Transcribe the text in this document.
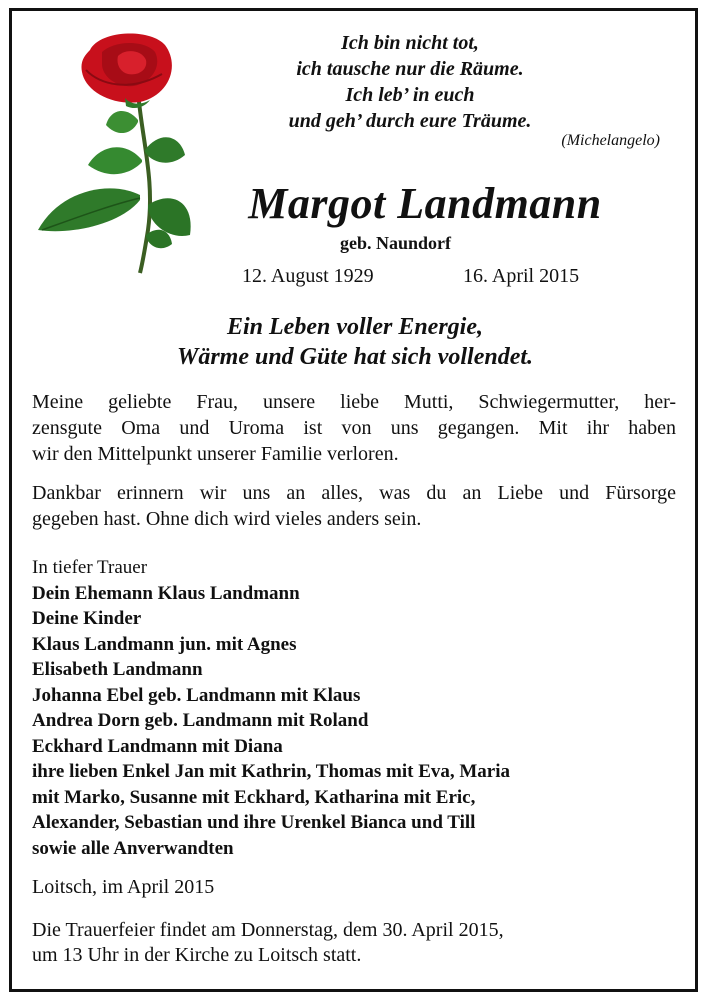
Ich bin nicht tot,
ich tausche nur die Räume.
Ich leb’ in euch
und geh’ durch eure Träume.
(Michelangelo)
Margot Landmann
geb. Naundorf
12. August 1929	16. April 2015
Ein Leben voller Energie,
Wärme und Güte hat sich vollendet.
Meine geliebte Frau, unsere liebe Mutti, Schwiegermutter, her-
zensgute Oma und Uroma ist von uns gegangen. Mit ihr haben
wir den Mittelpunkt unserer Familie verloren.
Dankbar erinnern wir uns an alles, was du an Liebe und Fürsorge
gegeben hast. Ohne dich wird vieles anders sein.
In tiefer Trauer
Dein Ehemann Klaus Landmann
Deine Kinder
Klaus Landmann jun. mit Agnes
Elisabeth Landmann
Johanna Ebel geb. Landmann mit Klaus
Andrea Dorn geb. Landmann mit Roland
Eckhard Landmann mit Diana
ihre lieben Enkel Jan mit Kathrin, Thomas mit Eva, Maria
mit Marko, Susanne mit Eckhard, Katharina mit Eric,
Alexander, Sebastian und ihre Urenkel Bianca und Till
sowie alle Anverwandten
Loitsch, im April 2015
Die Trauerfeier findet am Donnerstag, dem 30. April 2015,
um 13 Uhr in der Kirche zu Loitsch statt.
